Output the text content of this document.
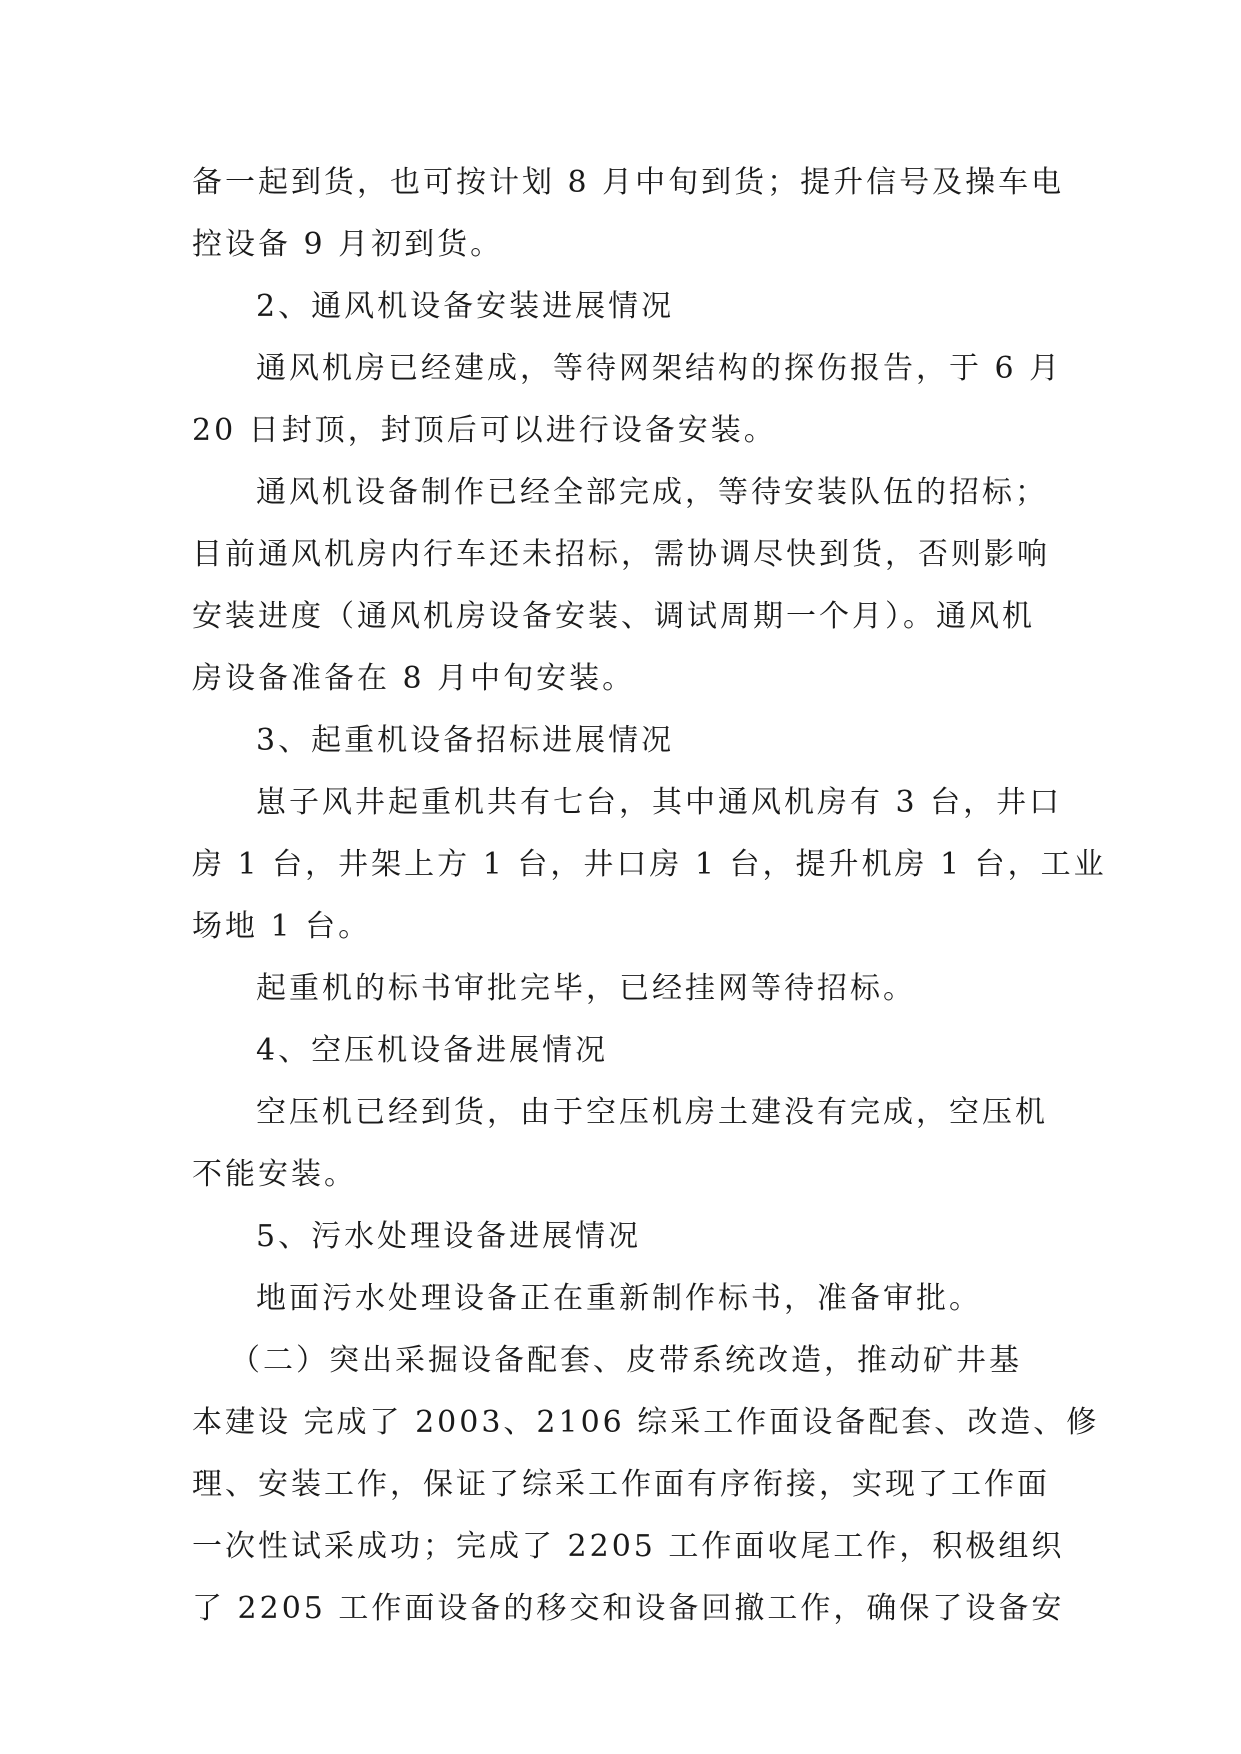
备一起到货，也可按计划 8 月中旬到货；提升信号及操车电
控设备 9 月初到货。
2、通风机设备安装进展情况
通风机房已经建成，等待网架结构的探伤报告，于 6 月
20 日封顶，封顶后可以进行设备安装。
通风机设备制作已经全部完成，等待安装队伍的招标；
目前通风机房内行车还未招标，需协调尽快到货，否则影响
安装进度（通风机房设备安装、调试周期一个月）。通风机
房设备准备在 8 月中旬安装。
3、起重机设备招标进展情况
崽子风井起重机共有七台，其中通风机房有 3 台，井口
房 1 台，井架上方 1 台，井口房 1 台，提升机房 1 台，工业
场地 1 台。
起重机的标书审批完毕，已经挂网等待招标。
4、空压机设备进展情况
空压机已经到货，由于空压机房土建没有完成，空压机
不能安装。
5、污水处理设备进展情况
地面污水处理设备正在重新制作标书，准备审批。
（二）突出采掘设备配套、皮带系统改造，推动矿井基
本建设 完成了 2003、2106 综采工作面设备配套、改造、修
理、安装工作，保证了综采工作面有序衔接，实现了工作面
一次性试采成功；完成了 2205 工作面收尾工作，积极组织
了 2205 工作面设备的移交和设备回撤工作，确保了设备安
